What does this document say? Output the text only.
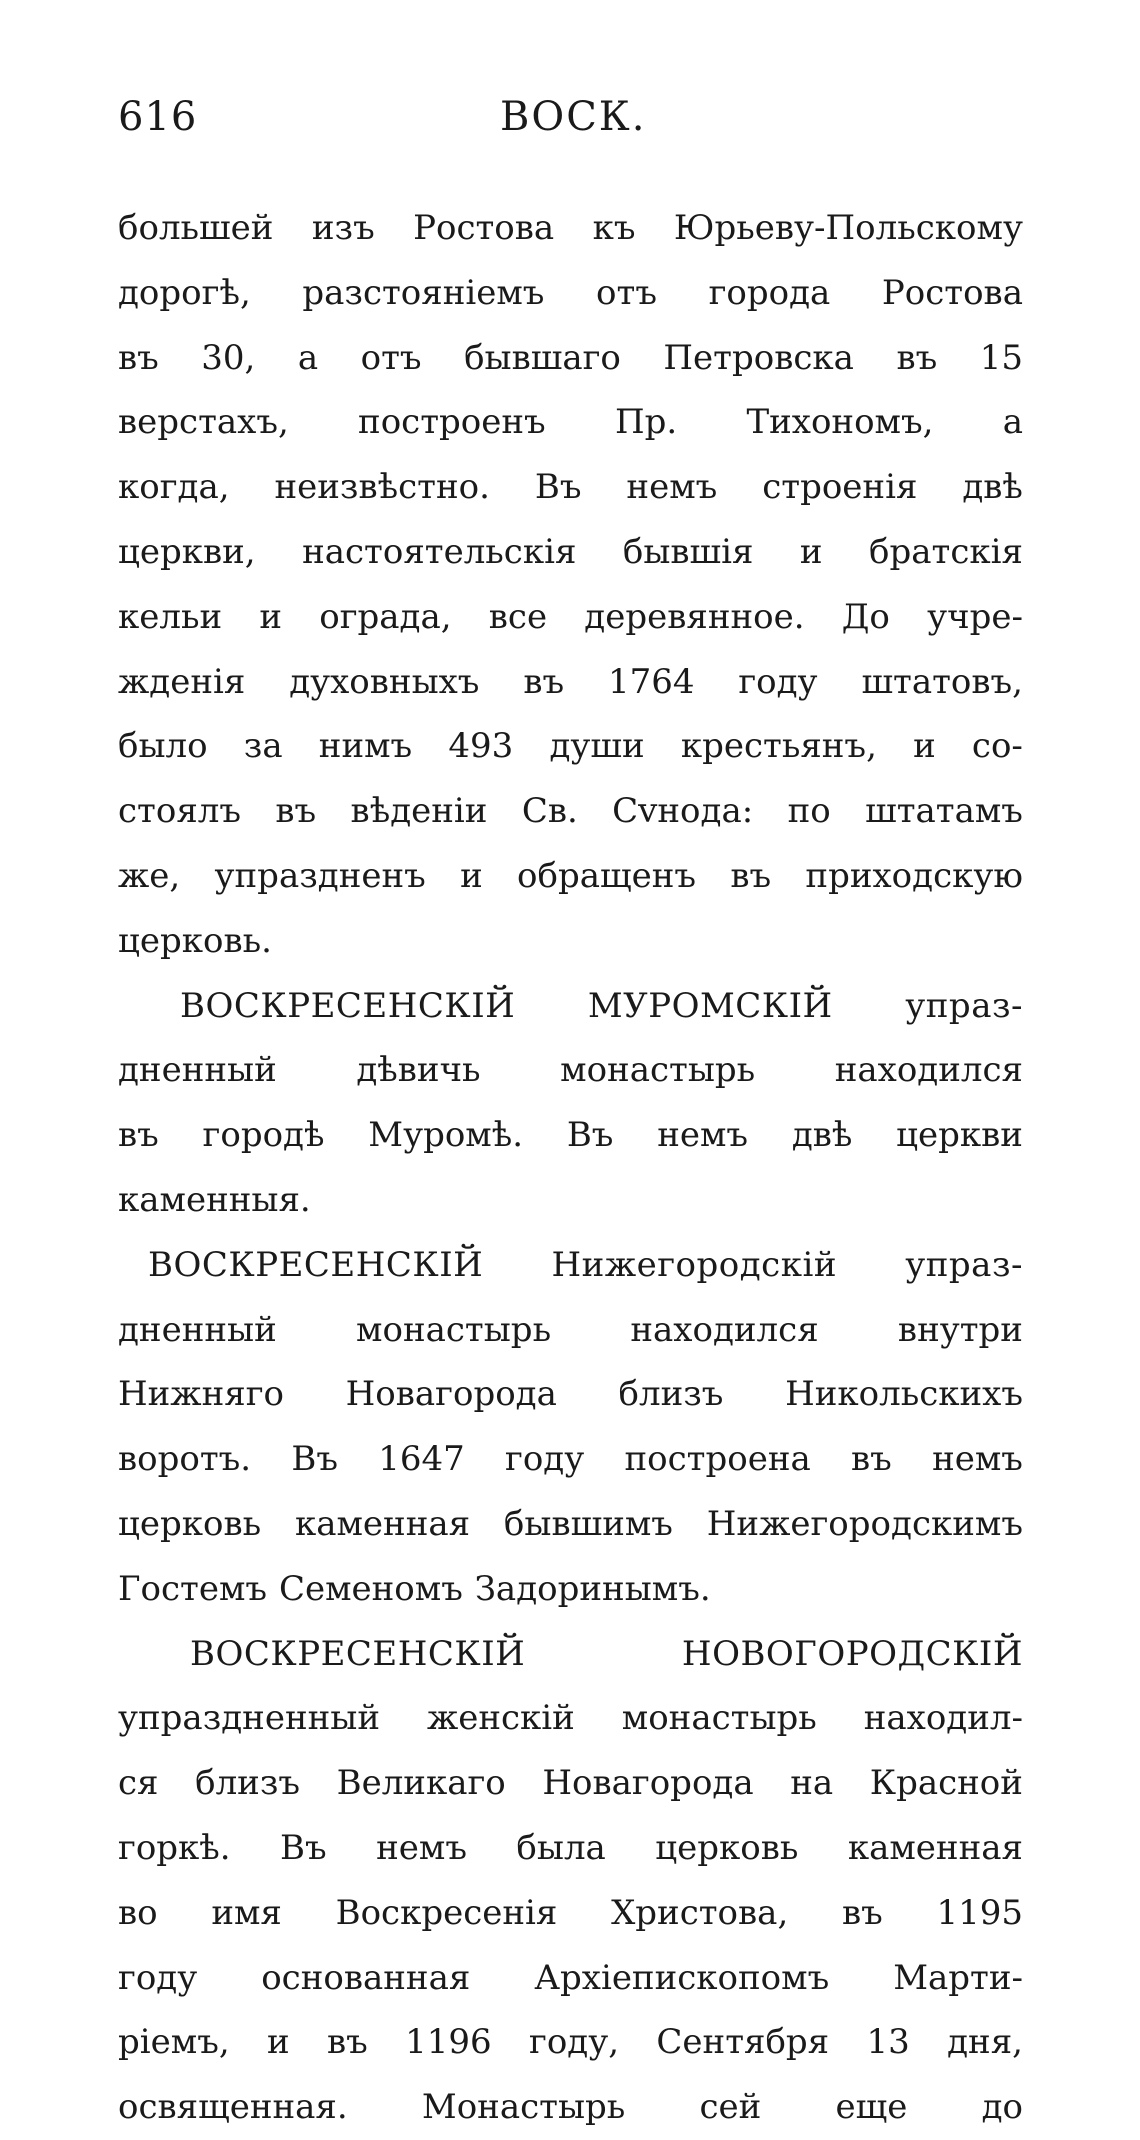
616	ВОСК.
большей изъ Ростова къ Юрьеву-Польскому
дорогѣ, разстояніемъ отъ города Ростова
въ 30, а отъ бывшаго Петровска въ 15
верстахъ, построенъ Пр. Тихономъ, а
когда, неизвѣстно. Въ немъ строенія двѣ
церкви, настоятельскія бывшія и братскія
кельи и ограда, все деревянное. До учре-
жденія духовныхъ въ 1764 году штатовъ,
было за нимъ 493 души крестьянъ, и со-
стоялъ въ вѣденіи Св. Сvнода: по штатамъ
же, упраздненъ и обращенъ въ приходскую
церковь.
ВОСКРЕСЕНСКІЙ МУРОМСКІЙ упраз-
дненный дѣвичь монастырь находился
въ городѣ Муромѣ. Въ немъ двѣ церкви
каменныя.
ВОСКРЕСЕНСКІЙ Нижегородскій упраз-
дненный монастырь находился внутри
Нижняго Новагорода близъ Никольскихъ
воротъ. Въ 1647 году построена въ немъ
церковь каменная бывшимъ Нижегородскимъ
Гостемъ Семеномъ Задоринымъ.
ВОСКРЕСЕНСКІЙ	НОВОГОРОДСКІЙ
упраздненный женскій монастырь находил-
ся близъ Великаго Новагорода на Красной
горкѣ. Въ немъ была церковь каменная
во имя Воскресенія Христова, въ 1195
году основанная Архіепископомъ Марти-
ріемъ, и въ 1196 году, Сентября 13 дня,
освященная. Монастырь сей еще до
